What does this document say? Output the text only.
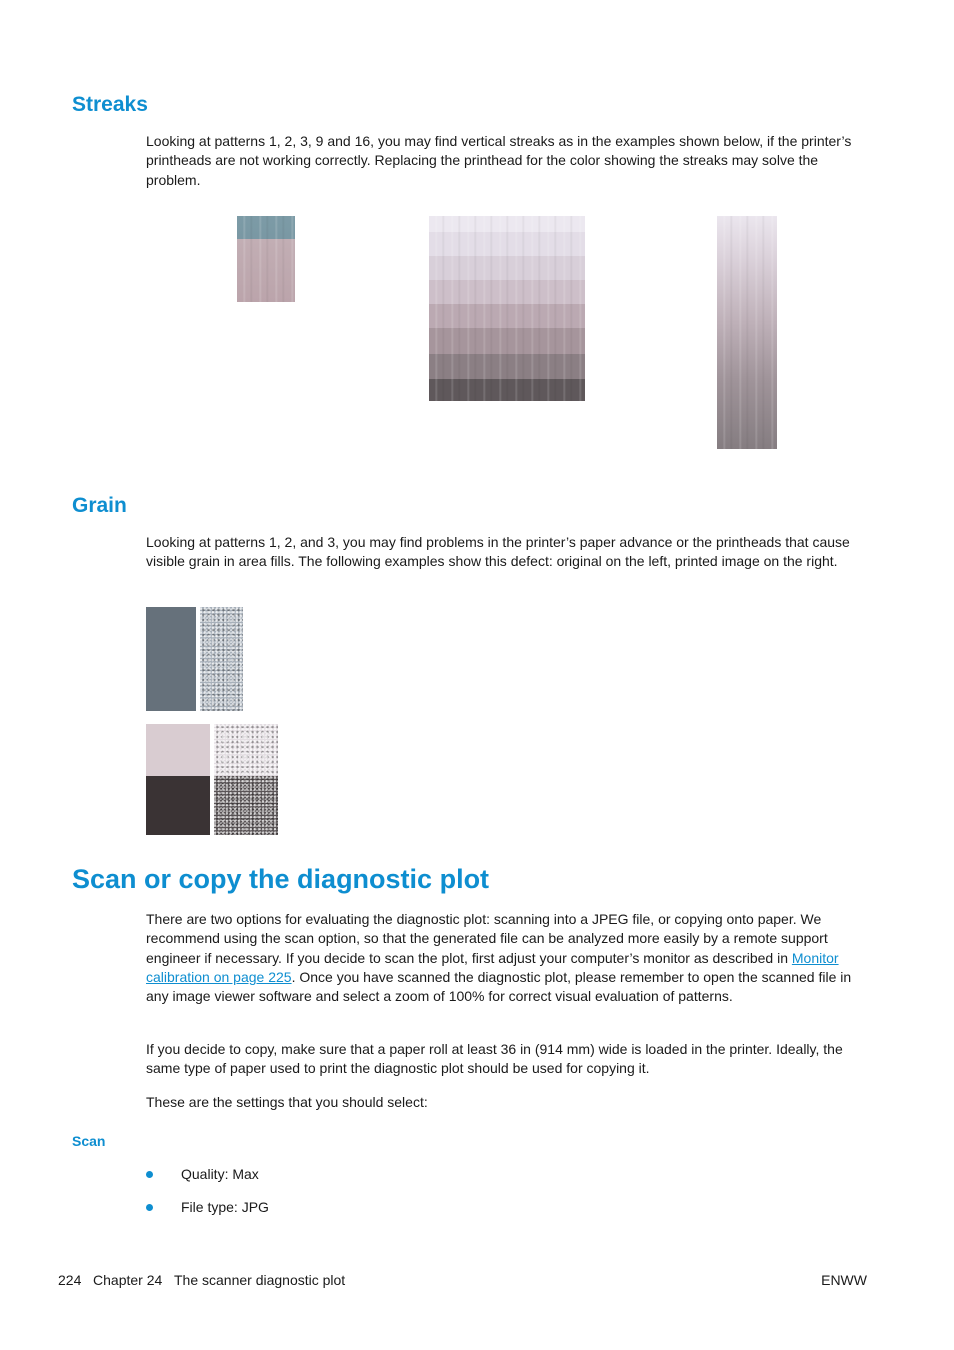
Streaks

Looking at patterns 1, 2, 3, 9 and 16, you may find vertical streaks as in the examples shown below, if the printer’s printheads are not working correctly. Replacing the printhead for the color showing the streaks may solve the problem.

Grain

Looking at patterns 1, 2, and 3, you may find problems in the printer’s paper advance or the printheads that cause visible grain in area fills. The following examples show this defect: original on the left, printed image on the right.

Scan or copy the diagnostic plot

There are two options for evaluating the diagnostic plot: scanning into a JPEG file, or copying onto paper. We recommend using the scan option, so that the generated file can be analyzed more easily by a remote support engineer if necessary. If you decide to scan the plot, first adjust your computer’s monitor as described in Monitor calibration on page 225. Once you have scanned the diagnostic plot, please remember to open the scanned file in any image viewer software and select a zoom of 100% for correct visual evaluation of patterns.

If you decide to copy, make sure that a paper roll at least 36 in (914 mm) wide is loaded in the printer. Ideally, the same type of paper used to print the diagnostic plot should be used for copying it.

These are the settings that you should select:

Scan
Quality: Max
File type: JPG
224 Chapter 24 The scanner diagnostic plot	ENWW
